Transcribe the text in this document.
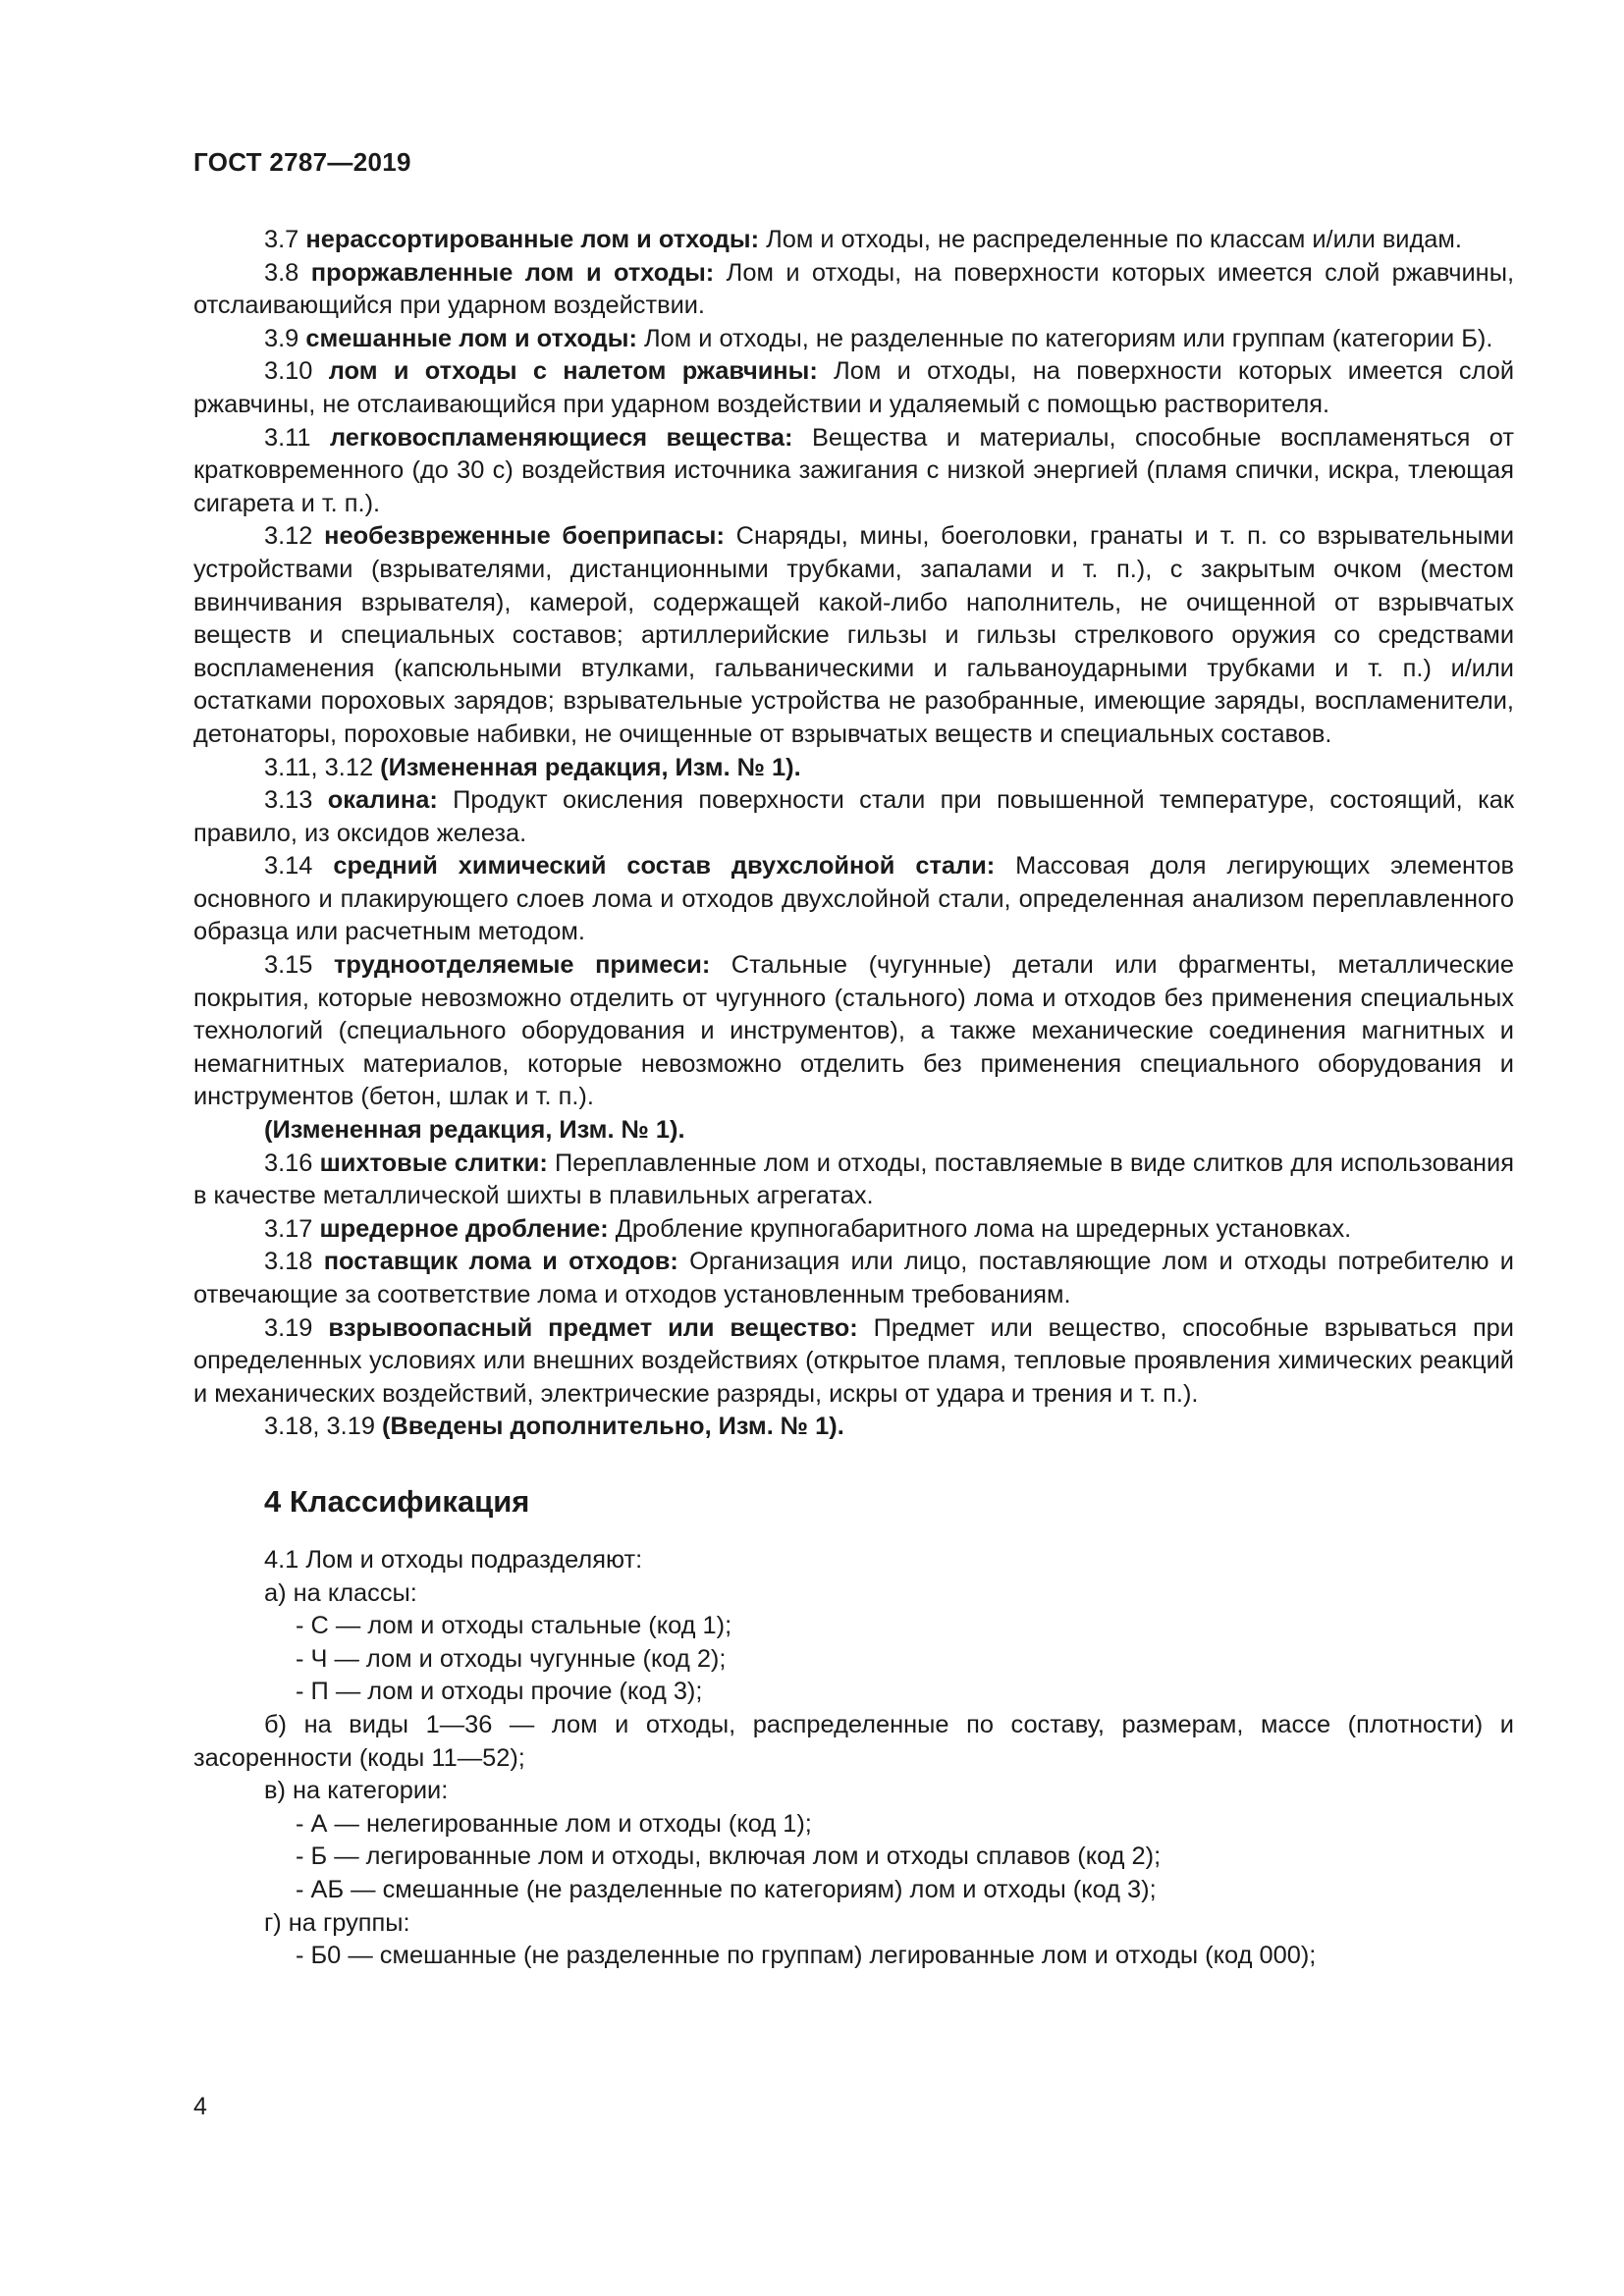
ГОСТ 2787—2019

3.7 нерассортированные лом и отходы: Лом и отходы, не распределенные по классам и/или видам.

3.8 проржавленные лом и отходы: Лом и отходы, на поверхности которых имеется слой ржавчины, отслаивающийся при ударном воздействии.

3.9 смешанные лом и отходы: Лом и отходы, не разделенные по категориям или группам (категории Б).

3.10 лом и отходы с налетом ржавчины: Лом и отходы, на поверхности которых имеется слой ржавчины, не отслаивающийся при ударном воздействии и удаляемый с помощью растворителя.

3.11 легковоспламеняющиеся вещества: Вещества и материалы, способные воспламеняться от кратковременного (до 30 с) воздействия источника зажигания с низкой энергией (пламя спички, искра, тлеющая сигарета и т. п.).

3.12 необезвреженные боеприпасы: Снаряды, мины, боеголовки, гранаты и т. п. со взрывательными устройствами (взрывателями, дистанционными трубками, запалами и т. п.), с закрытым очком (местом ввинчивания взрывателя), камерой, содержащей какой-либо наполнитель, не очищенной от взрывчатых веществ и специальных составов; артиллерийские гильзы и гильзы стрелкового оружия со средствами воспламенения (капсюльными втулками, гальваническими и гальваноударными трубками и т. п.) и/или остатками пороховых зарядов; взрывательные устройства не разобранные, имеющие заряды, воспламенители, детонаторы, пороховые набивки, не очищенные от взрывчатых веществ и специальных составов.

3.11, 3.12 (Измененная редакция, Изм. № 1).

3.13 окалина: Продукт окисления поверхности стали при повышенной температуре, состоящий, как правило, из оксидов железа.

3.14 средний химический состав двухслойной стали: Массовая доля легирующих элементов основного и плакирующего слоев лома и отходов двухслойной стали, определенная анализом переплавленного образца или расчетным методом.

3.15 трудноотделяемые примеси: Стальные (чугунные) детали или фрагменты, металлические покрытия, которые невозможно отделить от чугунного (стального) лома и отходов без применения специальных технологий (специального оборудования и инструментов), а также механические соединения магнитных и немагнитных материалов, которые невозможно отделить без применения специального оборудования и инструментов (бетон, шлак и т. п.).

(Измененная редакция, Изм. № 1).

3.16 шихтовые слитки: Переплавленные лом и отходы, поставляемые в виде слитков для использования в качестве металлической шихты в плавильных агрегатах.

3.17 шредерное дробление: Дробление крупногабаритного лома на шредерных установках.

3.18 поставщик лома и отходов: Организация или лицо, поставляющие лом и отходы потребителю и отвечающие за соответствие лома и отходов установленным требованиям.

3.19 взрывоопасный предмет или вещество: Предмет или вещество, способные взрываться при определенных условиях или внешних воздействиях (открытое пламя, тепловые проявления химических реакций и механических воздействий, электрические разряды, искры от удара и трения и т. п.).

3.18, 3.19 (Введены дополнительно, Изм. № 1).

4 Классификация

4.1 Лом и отходы подразделяют:

а) на классы:

- С — лом и отходы стальные (код 1);

- Ч — лом и отходы чугунные (код 2);

- П — лом и отходы прочие (код 3);

б) на виды 1—36 — лом и отходы, распределенные по составу, размерам, массе (плотности) и засоренности (коды 11—52);

в) на категории:

- А — нелегированные лом и отходы (код 1);

- Б — легированные лом и отходы, включая лом и отходы сплавов (код 2);

- АБ — смешанные (не разделенные по категориям) лом и отходы (код 3);

г) на группы:

- Б0 — смешанные (не разделенные по группам) легированные лом и отходы (код 000);

4
